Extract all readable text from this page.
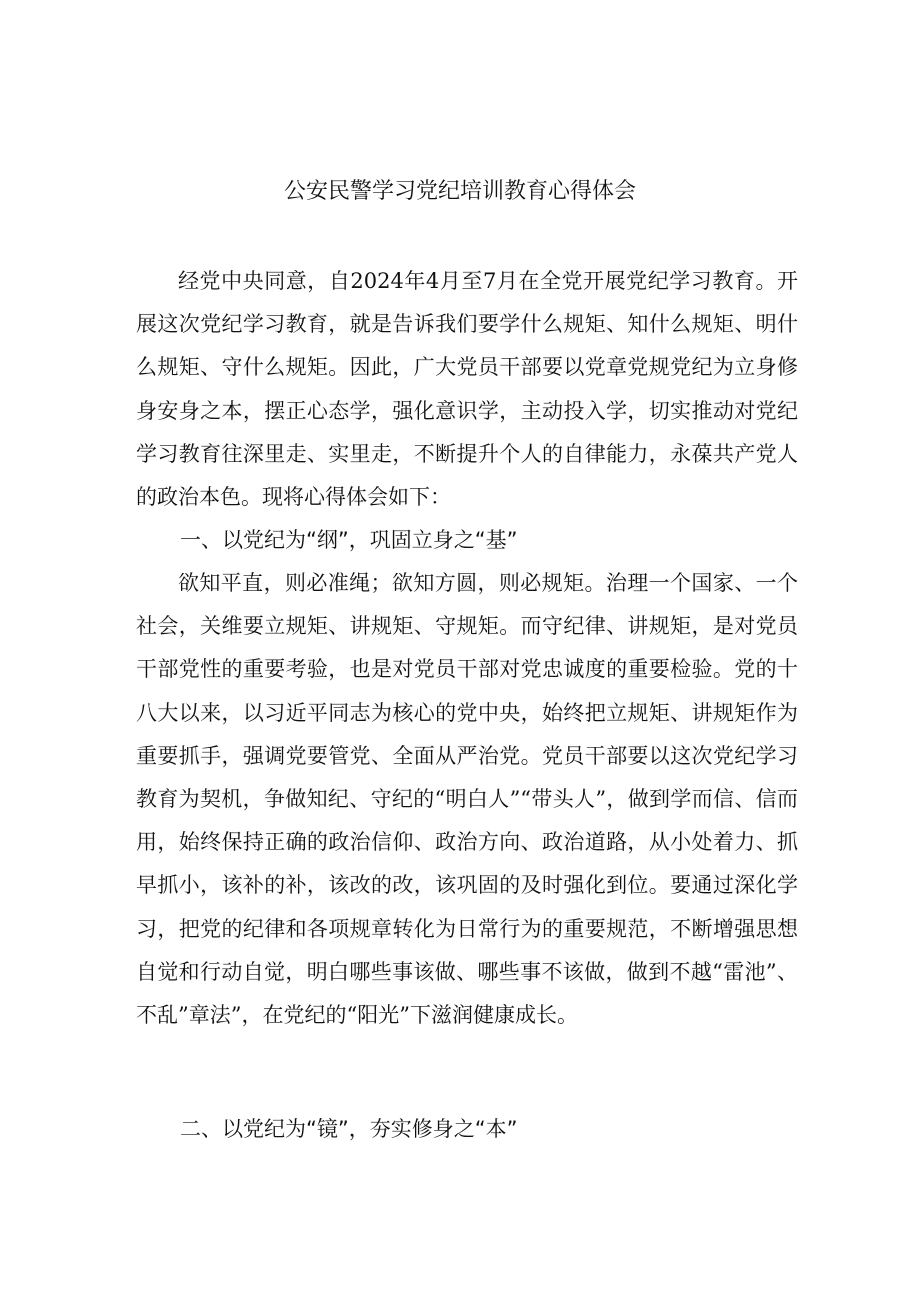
公安民警学习党纪培训教育心得体会

经党中央同意，自2024年4月至7月在全党开展党纪学习教育。开展这次党纪学习教育，就是告诉我们要学什么规矩、知什么规矩、明什么规矩、守什么规矩。因此，广大党员干部要以党章党规党纪为立身修身安身之本，摆正心态学，强化意识学，主动投入学，切实推动对党纪学习教育往深里走、实里走，不断提升个人的自律能力，永葆共产党人的政治本色。现将心得体会如下：

一、以党纪为“纲”，巩固立身之“基”

欲知平直，则必准绳；欲知方圆，则必规矩。治理一个国家、一个社会，关维要立规矩、讲规矩、守规矩。而守纪律、讲规矩，是对党员干部党性的重要考验，也是对党员干部对党忠诚度的重要检验。党的十八大以来，以习近平同志为核心的党中央，始终把立规矩、讲规矩作为重要抓手，强调党要管党、全面从严治党。党员干部要以这次党纪学习教育为契机，争做知纪、守纪的“明白人”“带头人”，做到学而信、信而用，始终保持正确的政治信仰、政治方向、政治道路，从小处着力、抓早抓小，该补的补，该改的改，该巩固的及时强化到位。要通过深化学习，把党的纪律和各项规章转化为日常行为的重要规范，不断增强思想自觉和行动自觉，明白哪些事该做、哪些事不该做，做到不越“雷池”、不乱”章法”，在党纪的“阳光”下滋润健康成长。

二、以党纪为“镜”，夯实修身之“本”
